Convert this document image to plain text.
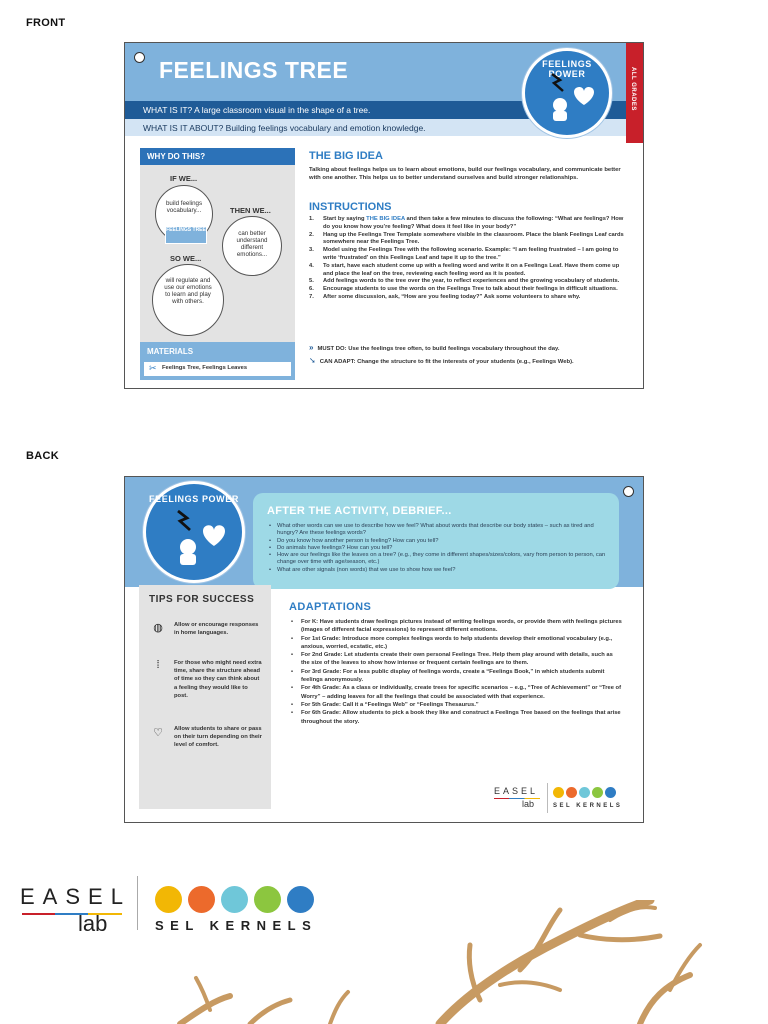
FRONT
FEELINGS TREE
WHAT IS IT? A large classroom visual in the shape of a tree.
WHAT IS IT ABOUT? Building feelings vocabulary and emotion knowledge.
ALL GRADES
FEELINGS POWER
WHY DO THIS?
IF WE...
build feelings vocabulary...
FEELINGS TREE
THEN WE...
can better understand different emotions...
SO WE...
will regulate and use our emotions to learn and play with others.
MATERIALS
✂ Feelings Tree, Feelings Leaves
THE BIG IDEA
Talking about feelings helps us to learn about emotions, build our feelings vocabulary, and communicate better with one another. This helps us to better understand ourselves and build stronger relationships.
INSTRUCTIONS
1. Start by saying THE BIG IDEA and then take a few minutes to discuss the following: “What are feelings? How do you know how you’re feeling? What does it feel like in your body?”
2. Hang up the Feelings Tree Template somewhere visible in the classroom. Place the blank Feelings Leaf cards somewhere near the Feelings Tree.
3. Model using the Feelings Tree with the following scenario. Example: “I am feeling frustrated – I am going to write ‘frustrated’ on this Feelings Leaf and tape it up to the tree.”
4. To start, have each student come up with a feeling word and write it on a Feelings Leaf. Have them come up and place the leaf on the tree, reviewing each feeling word as it is posted.
5. Add feelings words to the tree over the year, to reflect experiences and the growing vocabulary of students.
6. Encourage students to use the words on the Feelings Tree to talk about their feelings in difficult situations.
7. After some discussion, ask, “How are you feeling today?” Ask some volunteers to share why.
» MUST DO: Use the feelings tree often, to build feelings vocabulary throughout the day.
➘ CAN ADAPT: Change the structure to fit the interests of your students (e.g., Feelings Web).
BACK
FEELINGS POWER
AFTER THE ACTIVITY, DEBRIEF...
• What other words can we use to describe how we feel? What about words that describe our body states – such as tired and hungry? Are these feelings words?
• Do you know how another person is feeling? How can you tell?
• Do animals have feelings? How can you tell?
• How are our feelings like the leaves on a tree? (e.g., they come in different shapes/sizes/colors, vary from person to person, can change over time with age/season, etc.)
• What are other signals (non words) that we use to show how we feel?
TIPS FOR SUCCESS
◍ Allow or encourage responses in home languages.
⁞	For those who might need extra time, share the structure ahead of time so they can think about a feeling they would like to post.
♡ Allow students to share or pass on their turn depending on their level of comfort.
ADAPTATIONS
• For K: Have students draw feelings pictures instead of writing feelings words, or provide them with feelings pictures (images of different facial expressions) to represent different emotions.
• For 1st Grade: Introduce more complex feelings words to help students develop their emotional vocabulary (e.g., anxious, worried, ecstatic, etc.)
• For 2nd Grade: Let students create their own personal Feelings Tree. Help them play around with details, such as the size of the leaves to show how intense or frequent certain feelings are to them.
• For 3rd Grade: For a less public display of feelings words, create a “Feelings Book,” in which students submit feelings anonymously.
• For 4th Grade: As a class or individually, create trees for specific scenarios – e.g., “Tree of Achievement” or “Tree of Worry” – adding leaves for all the feelings that could be associated with that experience.
• For 5th Grade: Call it a “Feelings Web” or “Feelings Thesaurus.”
• For 6th Grade: Allow students to pick a book they like and construct a Feelings Tree based on the feelings that arise throughout the story.
EASEL
lab	SEL KERNELS
EASEL
lab	SEL KERNELS
